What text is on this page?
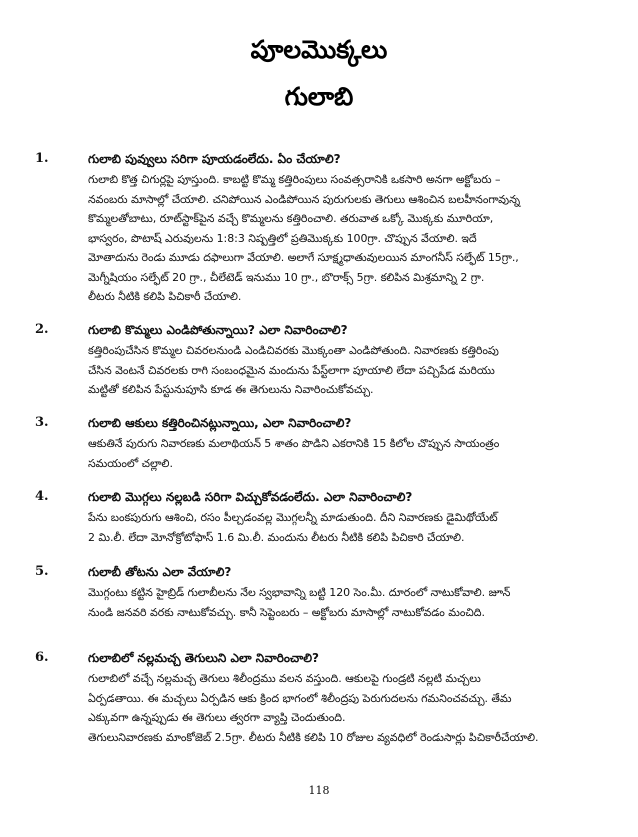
పూలమొక్కలు
గులాబి
1.	గులాబి పువ్వులు సరిగా పూయడంలేదు. ఏం చేయాలి?
గులాబి కొత్త చిగుర్లపై పూస్తుంది. కాబట్టి కొమ్మ కత్తిరింపులు సంవత్సరానికి ఒకసారి అనగా అక్టోబరు –
నవంబరు మాసాల్లో చేయాలి. చనిపోయిన ఎండిపోయిన పురుగులకు తెగులు ఆశించిన బలహీనంగావున్న
కొమ్మలతోబాటు, రూట్‌స్టాక్‌పైన వచ్చే కొమ్మలను కత్తిరించాలి. తరువాత ఒక్కో మొక్కకు మూరియా,
భాస్వరం, పొటాష్ ఎరువులను 1:8:3 నిష్పత్తిలో ప్రతిమొక్కకు 100గ్రా. చొప్పున వేయాలి. ఇదే
మోతాదును రెండు మూడు దఫాలుగా వేయాలి. అలాగే సూక్ష్మధాతువులయిన మాంగనీస్ సల్ఫేట్ 15గ్రా.,
మెగ్నీషియం సల్ఫేట్ 20 గ్రా., చీలేటెడ్ ఇనుము 10 గ్రా., బొరాక్స్ 5గ్రా. కలిపిన మిశ్రమాన్ని 2 గ్రా.
లీటరు నీటికి కలిపి పిచికారీ చేయాలి.
2.	గులాబి కొమ్మలు ఎండిపోతున్నాయి? ఎలా నివారించాలి?
కత్తిరింపుచేసిన కొమ్మల చివరలనుండి ఎండిచివరకు మొక్కంతా ఎండిపోతుంది. నివారణకు కత్తిరింపు
చేసిన వెంటనే చివరలకు రాగి సంబంధమైన మందును పేస్ట్‌లాగా పూయాలి లేదా పచ్చిపేడ మరియు
మట్టితో కలిపిన పేస్టునుపూసి కూడ ఈ తెగులును నివారించుకోవచ్చు.
3.	గులాబి ఆకులు కత్తిరించినట్లున్నాయి, ఎలా నివారించాలి?
ఆకుతినే పురుగు నివారణకు మలాథియన్ 5 శాతం పొడిని ఎకరానికి 15 కిలోల చొప్పున సాయంత్రం
సమయంలో చల్లాలి.
4.	గులాబి మొగ్గలు నల్లబడి సరిగా విచ్చుకోవడంలేదు. ఎలా నివారించాలి?
పేను బంకపురుగు ఆశించి, రసం పీల్చడంవల్ల మొగ్గలన్నీ మాడుతుంది. దీని నివారణకు డైమిథోయేట్
2 మి.లీ. లేదా మోనోక్రోటోఫాస్ 1.6 మి.లీ. మందును లీటరు నీటికి కలిపి పిచికారి చేయాలి.
5.	గులాబీ తోటను ఎలా వేయాలి?
మొగ్గంటు కట్టిన హైబ్రిడ్ గులాబీలను నేల స్వభావాన్ని బట్టి 120 సెం.మీ. దూరంలో నాటుకోవాలి. జూన్
నుండి జనవరి వరకు నాటుకోవచ్చు. కానీ సెప్టెంబరు – అక్టోబరు మాసాల్లో నాటుకోవడం మంచిది.
6.	గులాబిలో నల్లమచ్చ తెగులుని ఎలా నివారించాలి?
గులాబిలో వచ్చే నల్లమచ్చ తెగులు శిలీంద్రము వలన వస్తుంది. ఆకులపై గుండ్రటి నల్లటి మచ్చలు
ఏర్పడతాయి. ఈ మచ్చలు ఏర్పడిన ఆకు క్రింద భాగంలో శిలీంద్రపు పెరుగుదలను గమనించవచ్చు. తేమ
ఎక్కువగా ఉన్నప్పుడు ఈ తెగులు త్వరగా వ్యాప్తి చెందుతుంది.
తెగులునివారణకు మాంకోజెబ్ 2.5గ్రా. లీటరు నీటికి కలిపి 10 రోజుల వ్యవధిలో రెండుసార్లు పిచికారీచేయాలి.
118
